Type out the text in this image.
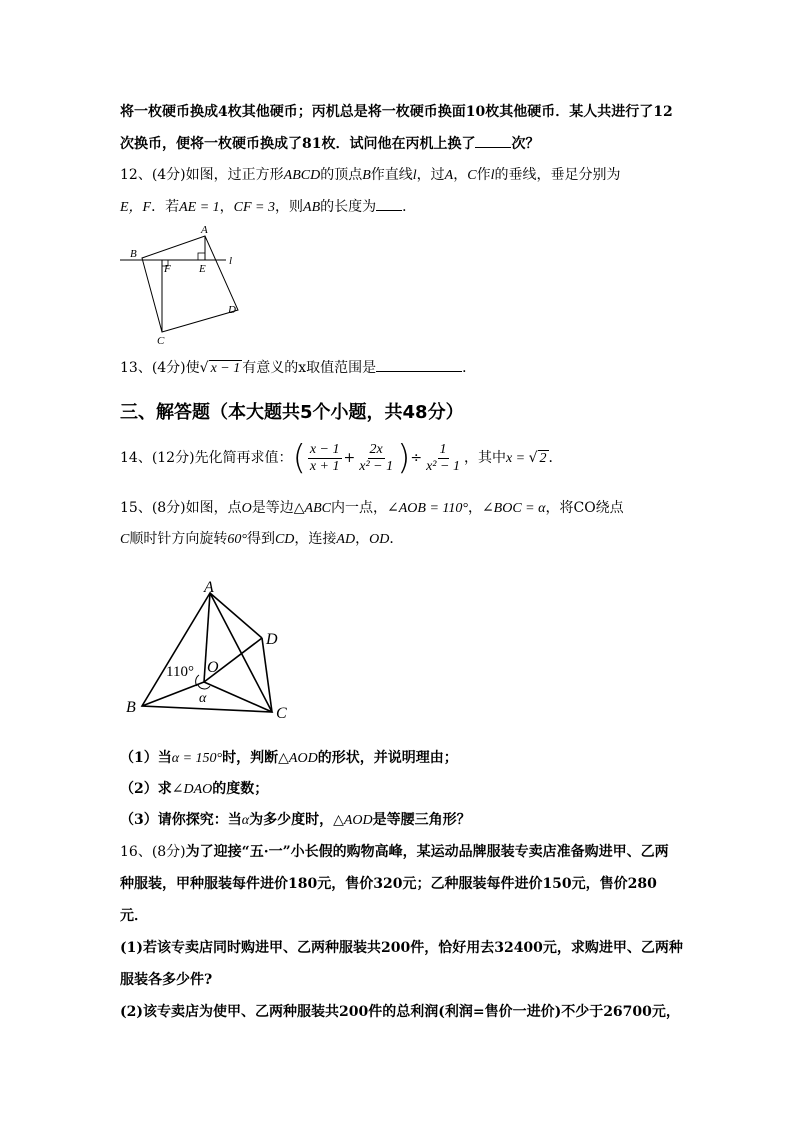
将一枚硬币换成4枚其他硬币；丙机总是将一枚硬币换面10枚其他硬币．某人共进行了12
次换币，便将一枚硬币换成了81枚．试问他在丙机上换了	次？
12、(4分)如图，过正方形ABCD的顶点B作直线l，过A，C作l的垂线，垂足分别为
E，F．若AE = 1，CF = 3，则AB的长度为 ．
A
B
C
D
E
F
l
13、(4分)使√ x − 1 有意义的x取值范围是	．
三、解答题（本大题共5个小题，共48分）
14、(12分)先化简再求值：( $\frac{x - 1}{x + 1} + \frac{2x}{\text{x² − 1}}$ )÷ $\frac{1}{\text{x² − 1}}$ ，其中x = √ 2 ．
15、(8分)如图，点O是等边△ABC内一点，∠AOB = 110°，∠BOC = α，将CO绕点
C顺时针方向旋转60°得到CD，连接AD，OD．
A
B	C
D
O
110°
α
（1）当α = 150°时，判断△AOD的形状，并说明理由；
（2）求∠DAO的度数；
（3）请你探究：当α为多少度时，△AOD是等腰三角形？
16、(8分)为了迎接“五·一”小长假的购物高峰，某运动品牌服装专卖店准备购进甲、乙两
种服装，甲种服装每件进价180元，售价320元；乙种服装每件进价150元，售价280
元．
(1)若该专卖店同时购进甲、乙两种服装共200件，恰好用去32400元，求购进甲、乙两种
服装各多少件?
(2)该专卖店为使甲、乙两种服装共200件的总利润(利润=售价一进价)不少于26700元，
